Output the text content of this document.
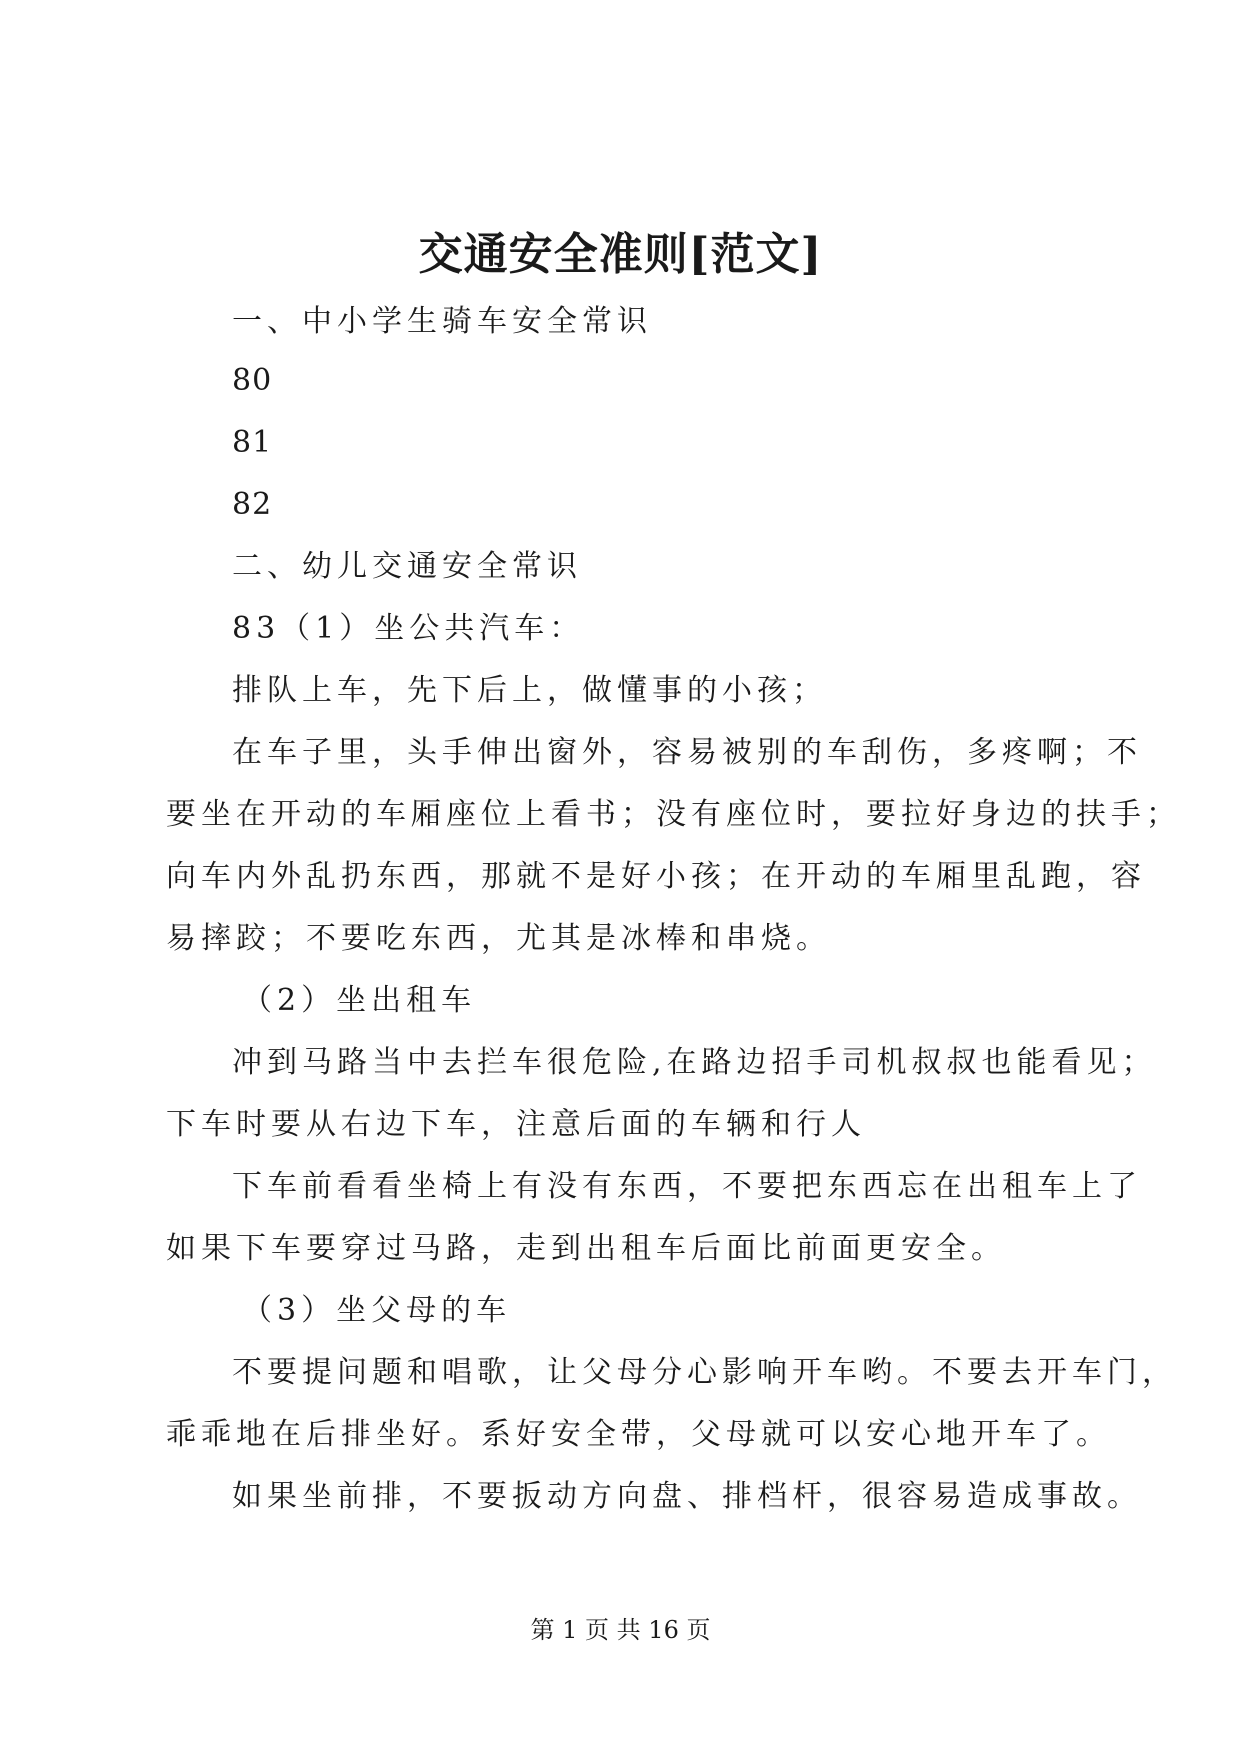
交通安全准则[范文]
一、中小学生骑车安全常识
80
81
82
二、幼儿交通安全常识
83（1）坐公共汽车：
排队上车，先下后上，做懂事的小孩；
在车子里，头手伸出窗外，容易被别的车刮伤，多疼啊；不
要坐在开动的车厢座位上看书；没有座位时，要拉好身边的扶手；
向车内外乱扔东西，那就不是好小孩；在开动的车厢里乱跑，容
易摔跤；不要吃东西，尤其是冰棒和串烧。
（2）坐出租车
冲到马路当中去拦车很危险,在路边招手司机叔叔也能看见；
下车时要从右边下车，注意后面的车辆和行人
下车前看看坐椅上有没有东西，不要把东西忘在出租车上了
如果下车要穿过马路，走到出租车后面比前面更安全。
（3）坐父母的车
不要提问题和唱歌，让父母分心影响开车哟。不要去开车门，
乖乖地在后排坐好。系好安全带，父母就可以安心地开车了。
如果坐前排，不要扳动方向盘、排档杆，很容易造成事故。
第 1 页 共 16 页
